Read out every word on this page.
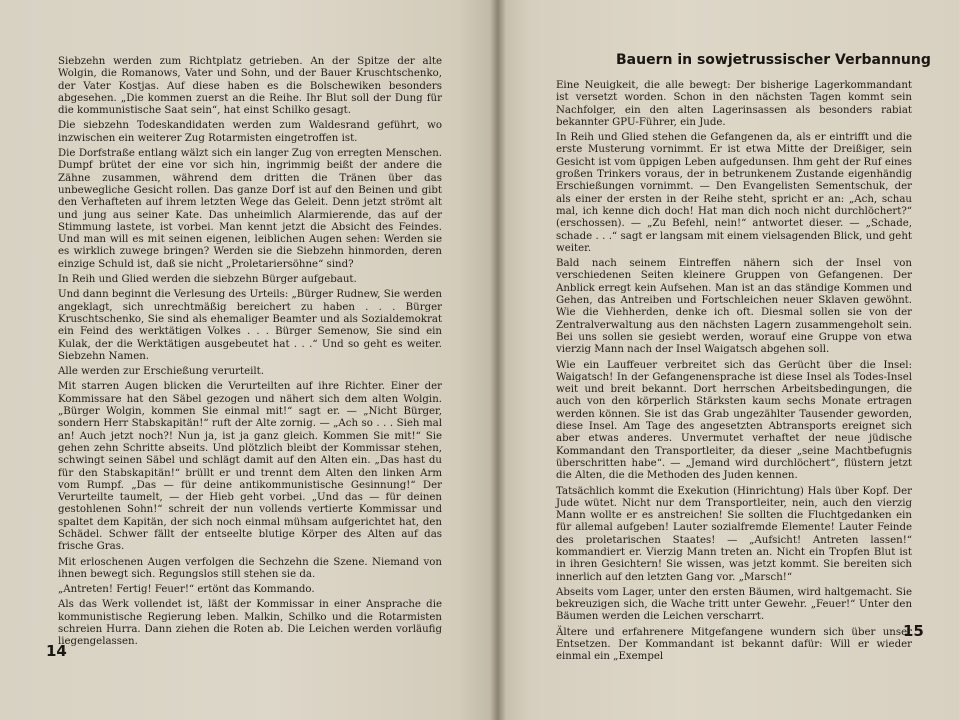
Siebzehn werden zum Richtplatz getrieben. An der Spitze der alte Wolgin, die Romanows, Vater und Sohn, und der Bauer Kruschtschenko, der Vater Kostjas. Auf diese haben es die Bolschewiken besonders abgesehen. „Die kommen zuerst an die Reihe. Ihr Blut soll der Dung für die kommunistische Saat sein“, hat einst Schilko gesagt.

Die siebzehn Todeskandidaten werden zum Waldesrand geführt, wo inzwischen ein weiterer Zug Rotarmisten eingetroffen ist.

Die Dorfstraße entlang wälzt sich ein langer Zug von erregten Menschen. Dumpf brütet der eine vor sich hin, ingrimmig beißt der andere die Zähne zusammen, während dem dritten die Tränen über das unbewegliche Gesicht rollen. Das ganze Dorf ist auf den Beinen und gibt den Verhafteten auf ihrem letzten Wege das Geleit. Denn jetzt strömt alt und jung aus seiner Kate. Das unheimlich Alarmierende, das auf der Stimmung lastete, ist vorbei. Man kennt jetzt die Absicht des Feindes. Und man will es mit seinen eigenen, leiblichen Augen sehen: Werden sie es wirklich zuwege bringen? Werden sie die Siebzehn hinmorden, deren einzige Schuld ist, daß sie nicht „Proletariersöhne“ sind?

In Reih und Glied werden die siebzehn Bürger aufgebaut.

Und dann beginnt die Verlesung des Urteils: „Bürger Rudnew, Sie werden angeklagt, sich unrechtmäßig bereichert zu haben . . . Bürger Kruschtschenko, Sie sind als ehemaliger Beamter und als Sozialdemokrat ein Feind des werktätigen Volkes . . . Bürger Semenow, Sie sind ein Kulak, der die Werktätigen ausgebeutet hat . . .“ Und so geht es weiter. Siebzehn Namen.

Alle werden zur Erschießung verurteilt.

Mit starren Augen blicken die Verurteilten auf ihre Richter. Einer der Kommissare hat den Säbel gezogen und nähert sich dem alten Wolgin. „Bürger Wolgin, kommen Sie einmal mit!“ sagt er. — „Nicht Bürger, sondern Herr Stabskapitän!“ ruft der Alte zornig. — „Ach so . . . Sieh mal an! Auch jetzt noch?! Nun ja, ist ja ganz gleich. Kommen Sie mit!“ Sie gehen zehn Schritte abseits. Und plötzlich bleibt der Kommissar stehen, schwingt seinen Säbel und schlägt damit auf den Alten ein. „Das hast du für den Stabskapitän!“ brüllt er und trennt dem Alten den linken Arm vom Rumpf. „Das — für deine antikommunistische Gesinnung!“ Der Verurteilte taumelt, — der Hieb geht vorbei. „Und das — für deinen gestohlenen Sohn!“ schreit der nun vollends vertierte Kommissar und spaltet dem Kapitän, der sich noch einmal mühsam aufgerichtet hat, den Schädel. Schwer fällt der entseelte blutige Körper des Alten auf das frische Gras.

Mit erloschenen Augen verfolgen die Sechzehn die Szene. Niemand von ihnen bewegt sich. Regungslos still stehen sie da.

„Antreten! Fertig! Feuer!“ ertönt das Kommando.

Als das Werk vollendet ist, läßt der Kommissar in einer Ansprache die kommunistische Regierung leben. Malkin, Schilko und die Rotarmisten schreien Hurra. Dann ziehen die Roten ab. Die Leichen werden vorläufig liegengelassen.

14
Bauern in sowjetrussischer Verbannung

Eine Neuigkeit, die alle bewegt: Der bisherige Lagerkommandant ist versetzt worden. Schon in den nächsten Tagen kommt sein Nachfolger, ein den alten Lagerinsassen als besonders rabiat bekannter GPU-Führer, ein Jude.

In Reih und Glied stehen die Gefangenen da, als er eintrifft und die erste Musterung vornimmt. Er ist etwa Mitte der Dreißiger, sein Gesicht ist vom üppigen Leben aufgedunsen. Ihm geht der Ruf eines großen Trinkers voraus, der in betrunkenem Zustande eigenhändig Erschießungen vornimmt. — Den Evangelisten Sementschuk, der als einer der ersten in der Reihe steht, spricht er an: „Ach, schau mal, ich kenne dich doch! Hat man dich noch nicht durchlöchert?“ (erschossen). — „Zu Befehl, nein!“ antwortet dieser. — „Schade, schade . . .“ sagt er langsam mit einem vielsagenden Blick, und geht weiter.

Bald nach seinem Eintreffen nähern sich der Insel von verschiedenen Seiten kleinere Gruppen von Gefangenen. Der Anblick erregt kein Aufsehen. Man ist an das ständige Kommen und Gehen, das Antreiben und Fortschleichen neuer Sklaven gewöhnt. Wie die Viehherden, denke ich oft. Diesmal sollen sie von der Zentralverwaltung aus den nächsten Lagern zusammengeholt sein. Bei uns sollen sie gesiebt werden, worauf eine Gruppe von etwa vierzig Mann nach der Insel Waigatsch abgehen soll.

Wie ein Lauffeuer verbreitet sich das Gerücht über die Insel: Waigatsch! In der Gefangenensprache ist diese Insel als Todes-Insel weit und breit bekannt. Dort herrschen Arbeitsbedingungen, die auch von den körperlich Stärksten kaum sechs Monate ertragen werden können. Sie ist das Grab ungezählter Tausender geworden, diese Insel. Am Tage des angesetzten Abtransports ereignet sich aber etwas anderes. Unvermutet verhaftet der neue jüdische Kommandant den Transportleiter, da dieser „seine Machtbefugnis überschritten habe“. — „Jemand wird durchlöchert“, flüstern jetzt die Alten, die die Methoden des Juden kennen.

Tatsächlich kommt die Exekution (Hinrichtung) Hals über Kopf. Der Jude wütet. Nicht nur dem Transportleiter, nein, auch den vierzig Mann wollte er es anstreichen! Sie sollten die Fluchtgedanken ein für allemal aufgeben! Lauter sozialfremde Elemente! Lauter Feinde des proletarischen Staates! — „Aufsicht! Antreten lassen!“ kommandiert er. Vierzig Mann treten an. Nicht ein Tropfen Blut ist in ihren Gesichtern! Sie wissen, was jetzt kommt. Sie bereiten sich innerlich auf den letzten Gang vor. „Marsch!“

Abseits vom Lager, unter den ersten Bäumen, wird haltgemacht. Sie bekreuzigen sich, die Wache tritt unter Gewehr. „Feuer!“ Unter den Bäumen werden die Leichen verscharrt.

Ältere und erfahrenere Mitgefangene wundern sich über unser Entsetzen. Der Kommandant ist bekannt dafür: Will er wieder einmal ein „Exempel

15
